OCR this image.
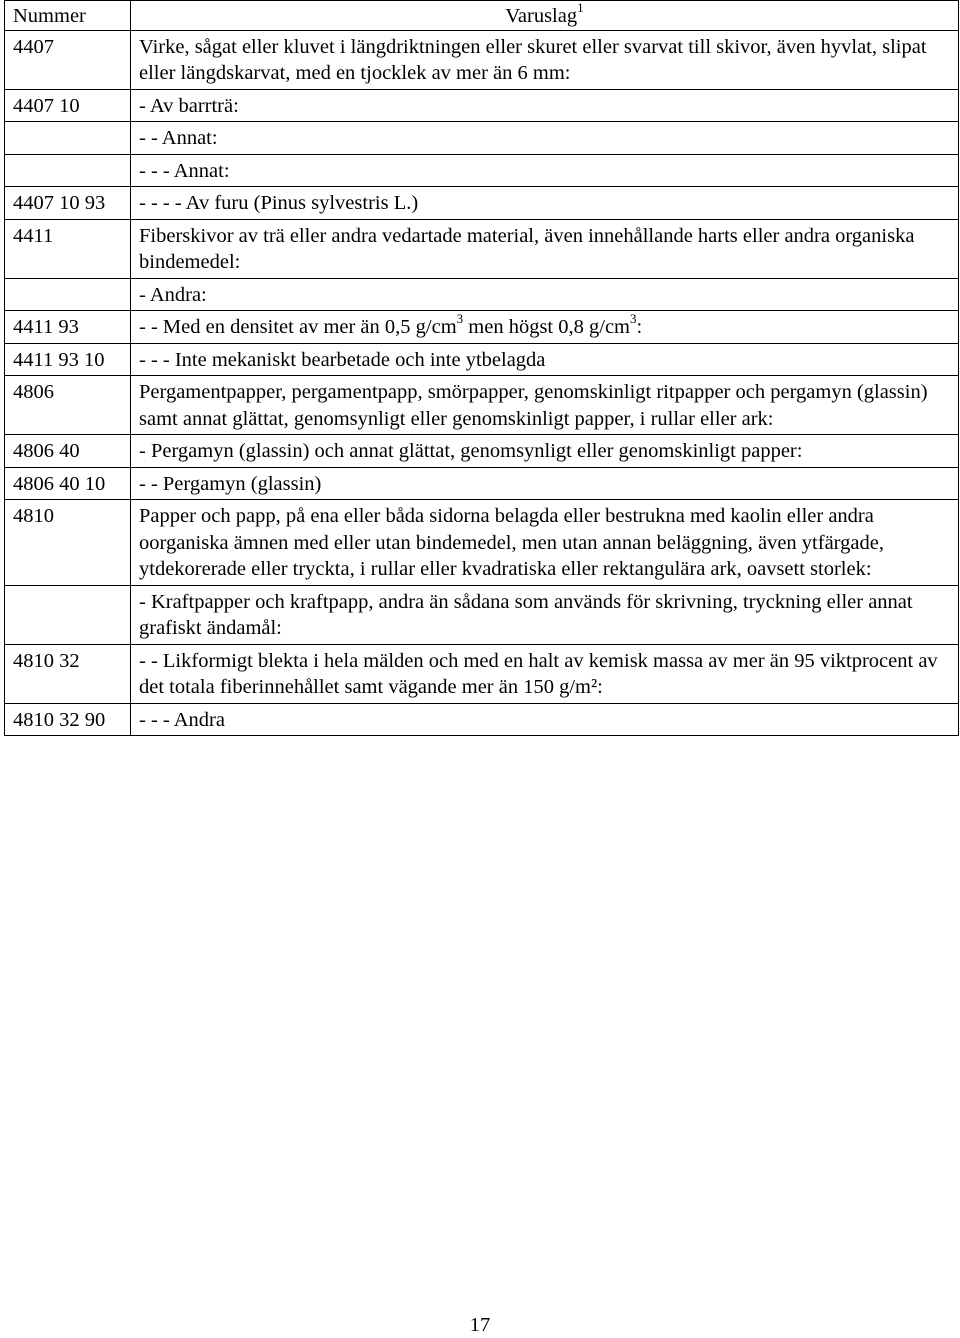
Nummer	Varuslag$^1$
4407	Virke, sågat eller kluvet i längdriktningen eller skuret eller svarvat till skivor, även hyvlat, slipat eller längdskarvat, med en tjocklek av mer än 6 mm:
4407 10	- Av barrträ:
	- - Annat:
	- - - Annat:
4407 10 93	- - - - Av furu (Pinus sylvestris L.)
4411	Fiberskivor av trä eller andra vedartade material, även innehållande harts eller andra organiska bindemedel:
	- Andra:
4411 93	- - Med en densitet av mer än 0,5 $g/cm^3$ men högst 0,8 $g/cm^3$:
4411 93 10	- - - Inte mekaniskt bearbetade och inte ytbelagda
4806	Pergamentpapper, pergamentpapp, smörpapper, genomskinligt ritpapper och pergamyn (glassin) samt annat glättat, genomsynligt eller genomskinligt papper, i rullar eller ark:
4806 40	- Pergamyn (glassin) och annat glättat, genomsynligt eller genomskinligt papper:
4806 40 10	- - Pergamyn (glassin)
4810	Papper och papp, på ena eller båda sidorna belagda eller bestrukna med kaolin eller andra oorganiska ämnen med eller utan bindemedel, men utan annan beläggning, även ytfärgade, ytdekorerade eller tryckta, i rullar eller kvadratiska eller rektangulära ark, oavsett storlek:
	- Kraftpapper och kraftpapp, andra än sådana som används för skrivning, tryckning eller annat grafiskt ändamål:
4810 32	- - Likformigt blekta i hela mälden och med en halt av kemisk massa av mer än 95 viktprocent av det totala fiberinnehållet samt vägande mer än 150 g/m²:
4810 32 90	- - - Andra
17
